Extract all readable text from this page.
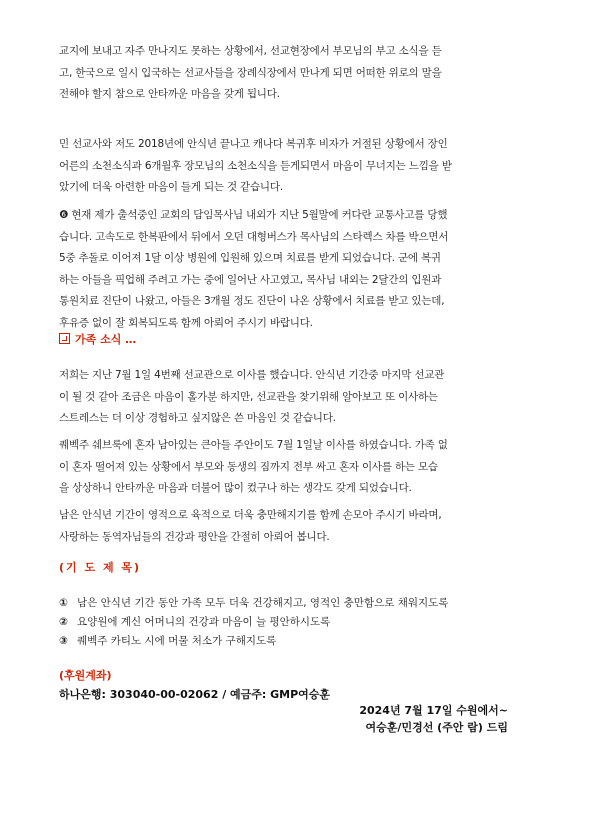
교지에 보내고 자주 만나지도 못하는 상황에서, 선교현장에서 부모님의 부고 소식을 듣
고, 한국으로 일시 입국하는 선교사들을 장례식장에서 만나게 되면 어떠한 위로의 말을
전해야 할지 참으로 안타까운 마음을 갖게 됩니다.
민 선교사와 저도 2018년에 안식년 끝나고 캐나다 복귀후 비자가 거절된 상황에서 장인
어른의 소천소식과 6개월후 장모님의 소천소식을 듣게되면서 마음이 무너지는 느낌을 받
았기에 더욱 아련한 마음이 들게 되는 것 같습니다.
❻ 현재 제가 출석중인 교회의 담임목사님 내외가 지난 5월말에 커다란 교통사고를 당했
습니다. 고속도로 한복판에서 뒤에서 오던 대형버스가 목사님의 스타렉스 차를 박으면서
5중 추돌로 이어져 1달 이상 병원에 입원해 있으며 치료를 받게 되었습니다. 군에 복귀
하는 아들을 픽업해 주려고 가는 중에 일어난 사고였고, 목사님 내외는 2달간의 입원과
통원치료 진단이 나왔고, 아들은 3개월 정도 진단이 나온 상황에서 치료를 받고 있는데,
후유증 없이 잘 회복되도록 함께 아뢰어 주시기 바랍니다.
가족 소식 …
저희는 지난 7월 1일 4번째 선교관으로 이사를 했습니다. 안식년 기간중 마지막 선교관
이 될 것 같아 조금은 마음이 홀가분 하지만, 선교관을 찾기위해 알아보고 또 이사하는
스트레스는 더 이상 경험하고 싶지않은 쓴 마음인 것 같습니다.
퀘벡주 쉐브룩에 혼자 남아있는 큰아들 주안이도 7월 1일날 이사를 하였습니다. 가족 없
이 혼자 떨어져 있는 상황에서 부모와 동생의 짐까지 전부 싸고 혼자 이사를 하는 모습
을 상상하니 안타까운 마음과 더불어 많이 컸구나 하는 생각도 갖게 되었습니다.
남은 안식년 기간이 영적으로 육적으로 더욱 충만해지기를 함께 손모아 주시기 바라며,
사랑하는 동역자님들의 건강과 평안을 간절히 아뢰어 봅니다.
(기 도 제 목)
① 남은 안식년 기간 동안 가족 모두 더욱 건강해지고, 영적인 충만함으로 채워지도록
② 요양원에 계신 어머니의 건강과 마음이 늘 평안하시도록
③ 퀘벡주 카티노 시에 머물 처소가 구해지도록
(후원계좌)
하나은행: 303040-00-02062 / 예금주: GMP여승훈
2024년 7월 17일 수원에서~
여승훈/민경선 (주안 람) 드림
